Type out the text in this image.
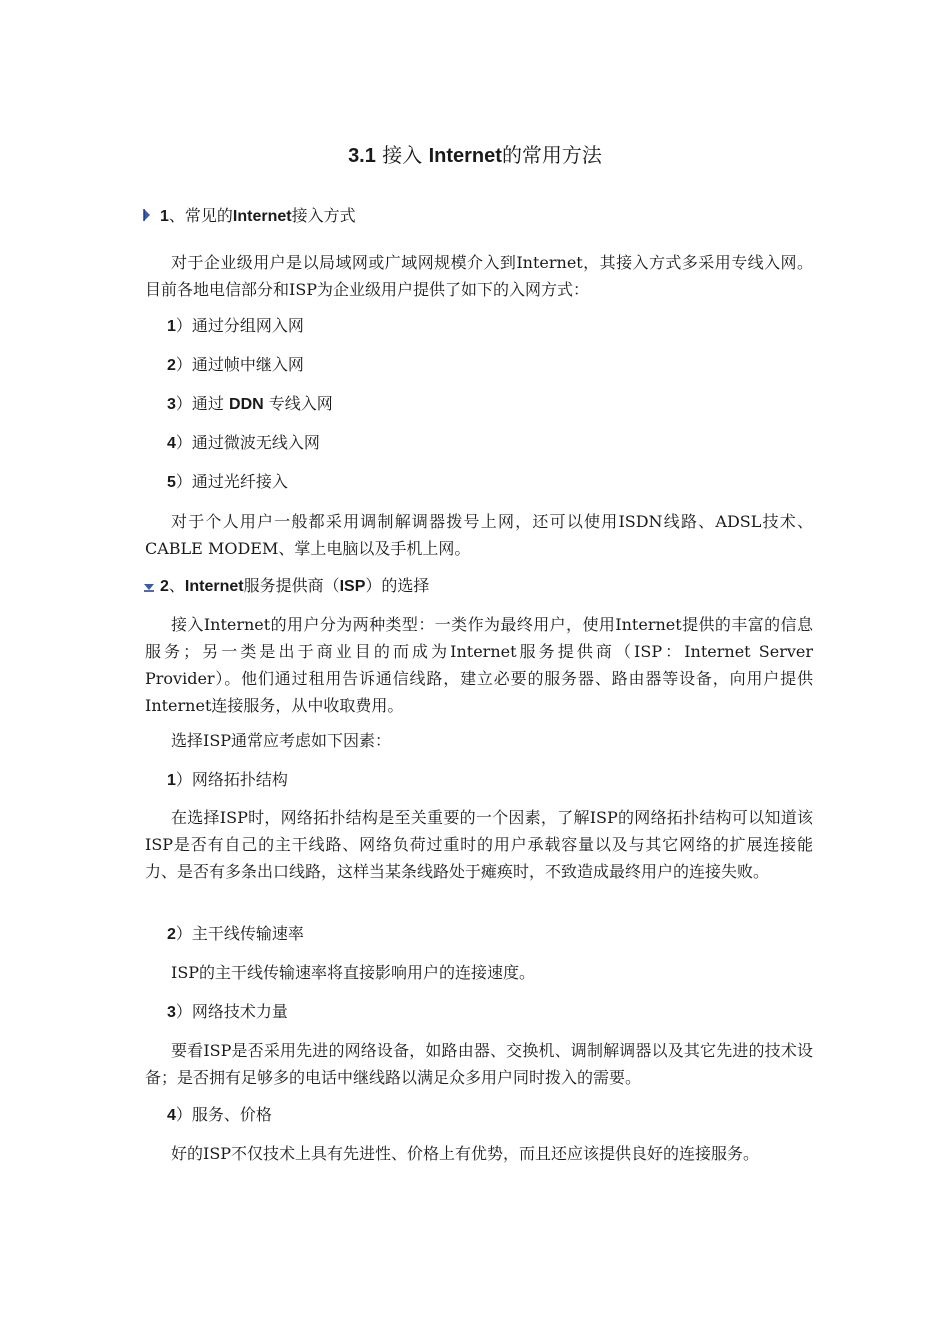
3.1 接入 Internet的常用方法
1、常见的Internet接入方式
对于企业级用户是以局域网或广域网规模介入到Internet，其接入方式多采用专线入网。目前各地电信部分和ISP为企业级用户提供了如下的入网方式：
1）通过分组网入网
2）通过帧中继入网
3）通过 DDN 专线入网
4）通过微波无线入网
5）通过光纤接入
对于个人用户一般都采用调制解调器拨号上网，还可以使用ISDN线路、ADSL技术、CABLE MODEM、掌上电脑以及手机上网。
2、Internet服务提供商（ISP）的选择
接入Internet的用户分为两种类型：一类作为最终用户，使用Internet提供的丰富的信息服务；另一类是出于商业目的而成为Internet服务提供商（ISP：Internet Server Provider）。他们通过租用告诉通信线路，建立必要的服务器、路由器等设备，向用户提供Internet连接服务，从中收取费用。
选择ISP通常应考虑如下因素：
1）网络拓扑结构
在选择ISP时，网络拓扑结构是至关重要的一个因素，了解ISP的网络拓扑结构可以知道该ISP是否有自己的主干线路、网络负荷过重时的用户承载容量以及与其它网络的扩展连接能力、是否有多条出口线路，这样当某条线路处于瘫痪时，不致造成最终用户的连接失败。
2）主干线传输速率
ISP的主干线传输速率将直接影响用户的连接速度。
3）网络技术力量
要看ISP是否采用先进的网络设备，如路由器、交换机、调制解调器以及其它先进的技术设备；是否拥有足够多的电话中继线路以满足众多用户同时拨入的需要。
4）服务、价格
好的ISP不仅技术上具有先进性、价格上有优势，而且还应该提供良好的连接服务。
